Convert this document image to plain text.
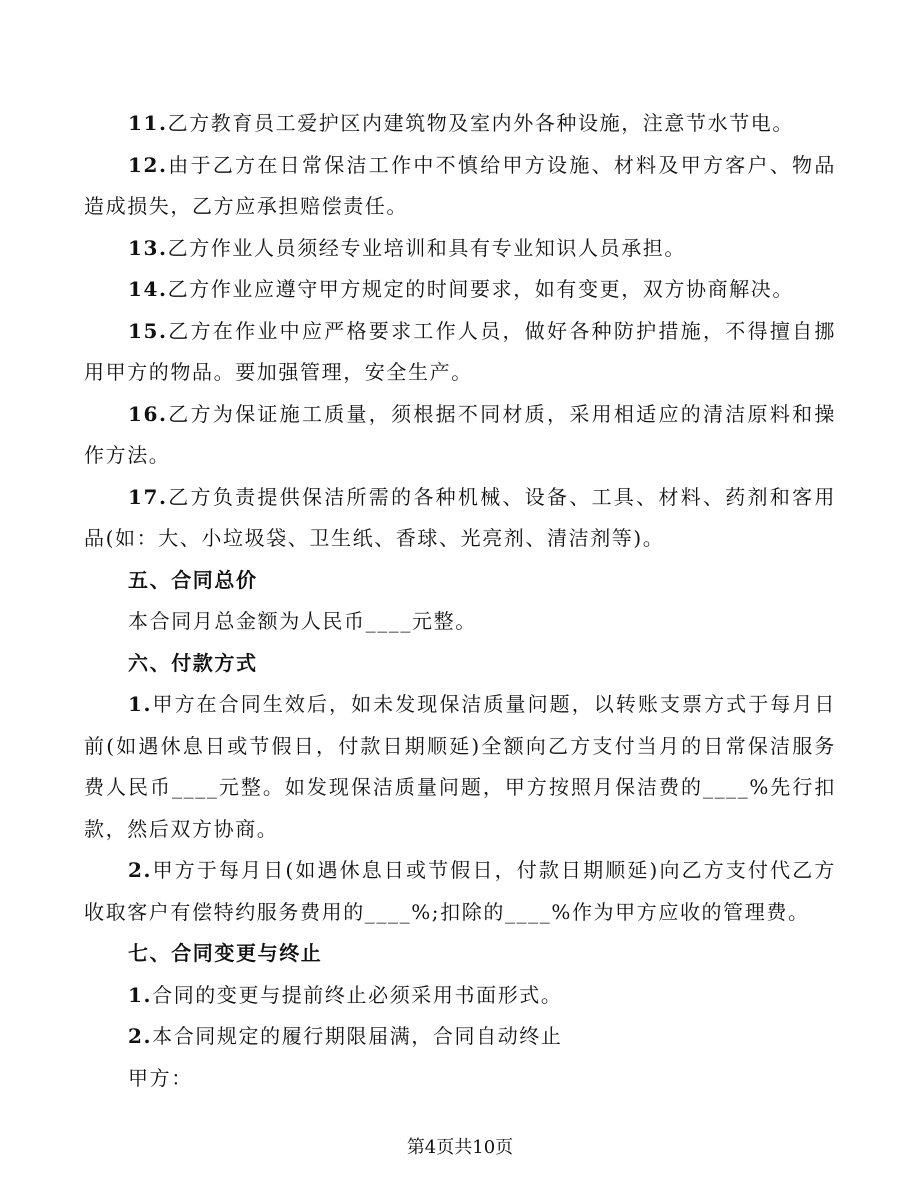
11.乙方教育员工爱护区内建筑物及室内外各种设施，注意节水节电。

12.由于乙方在日常保洁工作中不慎给甲方设施、材料及甲方客户、物品造成损失，乙方应承担赔偿责任。

13.乙方作业人员须经专业培训和具有专业知识人员承担。

14.乙方作业应遵守甲方规定的时间要求，如有变更，双方协商解决。

15.乙方在作业中应严格要求工作人员，做好各种防护措施，不得擅自挪用甲方的物品。要加强管理，安全生产。

16.乙方为保证施工质量，须根据不同材质，采用相适应的清洁原料和操作方法。

17.乙方负责提供保洁所需的各种机械、设备、工具、材料、药剂和客用品(如：大、小垃圾袋、卫生纸、香球、光亮剂、清洁剂等)。

五、合同总价

本合同月总金额为人民币____元整。

六、付款方式

1.甲方在合同生效后，如未发现保洁质量问题，以转账支票方式于每月日前(如遇休息日或节假日，付款日期顺延)全额向乙方支付当月的日常保洁服务费人民币____元整。如发现保洁质量问题，甲方按照月保洁费的____%先行扣款，然后双方协商。

2.甲方于每月日(如遇休息日或节假日，付款日期顺延)向乙方支付代乙方收取客户有偿特约服务费用的____%;扣除的____%作为甲方应收的管理费。

七、合同变更与终止

1.合同的变更与提前终止必须采用书面形式。

2.本合同规定的履行期限届满，合同自动终止

甲方：

第4页共10页
